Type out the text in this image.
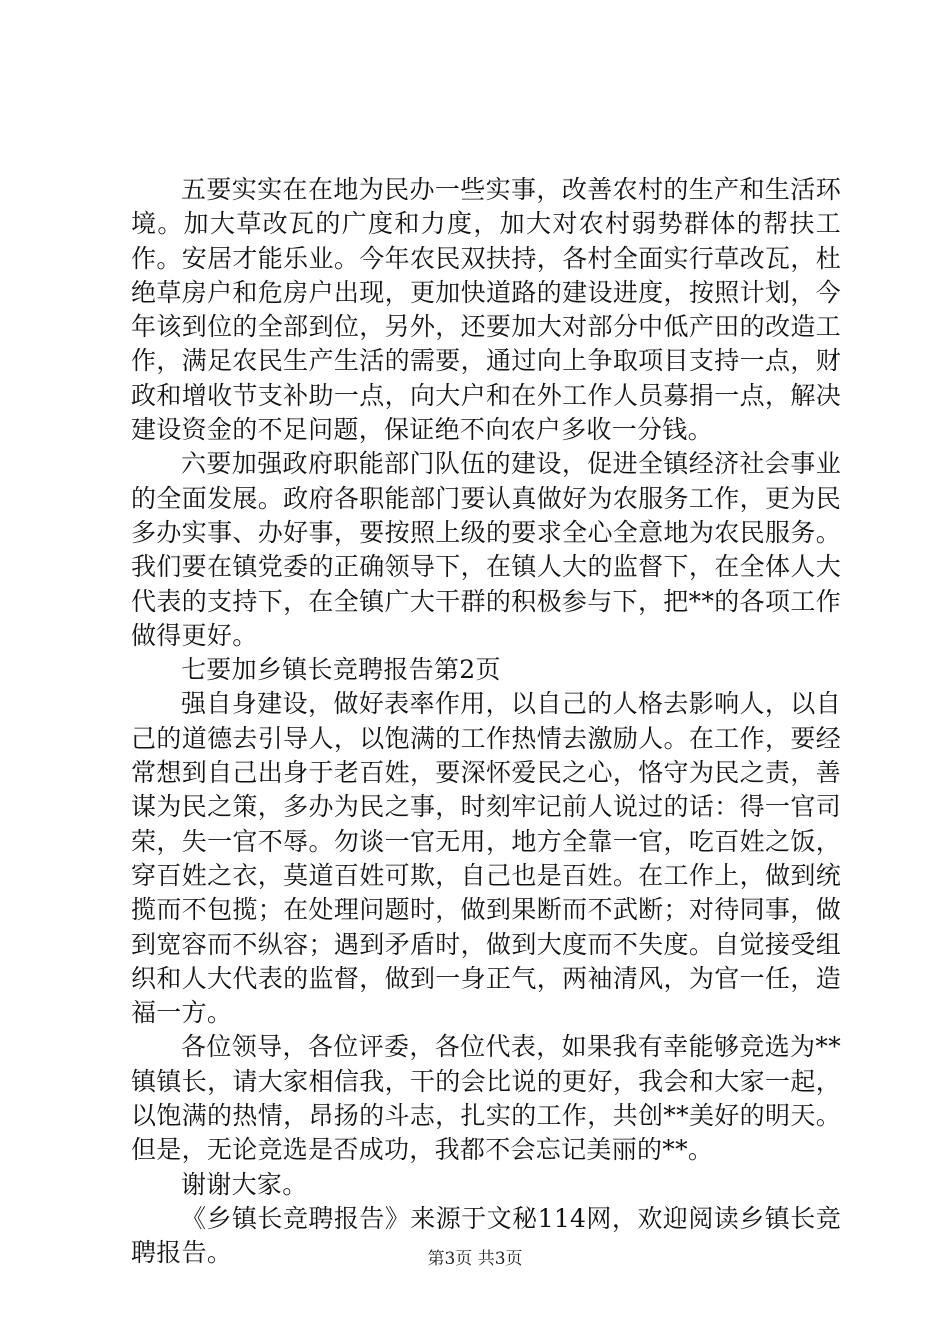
五要实实在在地为民办一些实事，改善农村的生产和生活环境。加大草改瓦的广度和力度，加大对农村弱势群体的帮扶工作。安居才能乐业。今年农民双扶持，各村全面实行草改瓦，杜绝草房户和危房户出现，更加快道路的建设进度，按照计划，今年该到位的全部到位，另外，还要加大对部分中低产田的改造工作，满足农民生产生活的需要，通过向上争取项目支持一点，财政和增收节支补助一点，向大户和在外工作人员募捐一点，解决建设资金的不足问题，保证绝不向农户多收一分钱。

六要加强政府职能部门队伍的建设，促进全镇经济社会事业的全面发展。政府各职能部门要认真做好为农服务工作，更为民多办实事、办好事，要按照上级的要求全心全意地为农民服务。我们要在镇党委的正确领导下，在镇人大的监督下，在全体人大代表的支持下，在全镇广大干群的积极参与下，把**的各项工作做得更好。

七要加乡镇长竞聘报告第2页

强自身建设，做好表率作用，以自己的人格去影响人，以自己的道德去引导人，以饱满的工作热情去激励人。在工作，要经常想到自己出身于老百姓，要深怀爱民之心，恪守为民之责，善谋为民之策，多办为民之事，时刻牢记前人说过的话：得一官司荣，失一官不辱。勿谈一官无用，地方全靠一官，吃百姓之饭，穿百姓之衣，莫道百姓可欺，自己也是百姓。在工作上，做到统揽而不包揽；在处理问题时，做到果断而不武断；对待同事，做到宽容而不纵容；遇到矛盾时，做到大度而不失度。自觉接受组织和人大代表的监督，做到一身正气，两袖清风，为官一任，造福一方。

各位领导，各位评委，各位代表，如果我有幸能够竞选为**镇镇长，请大家相信我，干的会比说的更好，我会和大家一起，以饱满的热情，昂扬的斗志，扎实的工作，共创**美好的明天。但是，无论竞选是否成功，我都不会忘记美丽的**。

谢谢大家。

《乡镇长竞聘报告》来源于文秘114网，欢迎阅读乡镇长竞聘报告。	第3页 共3页
